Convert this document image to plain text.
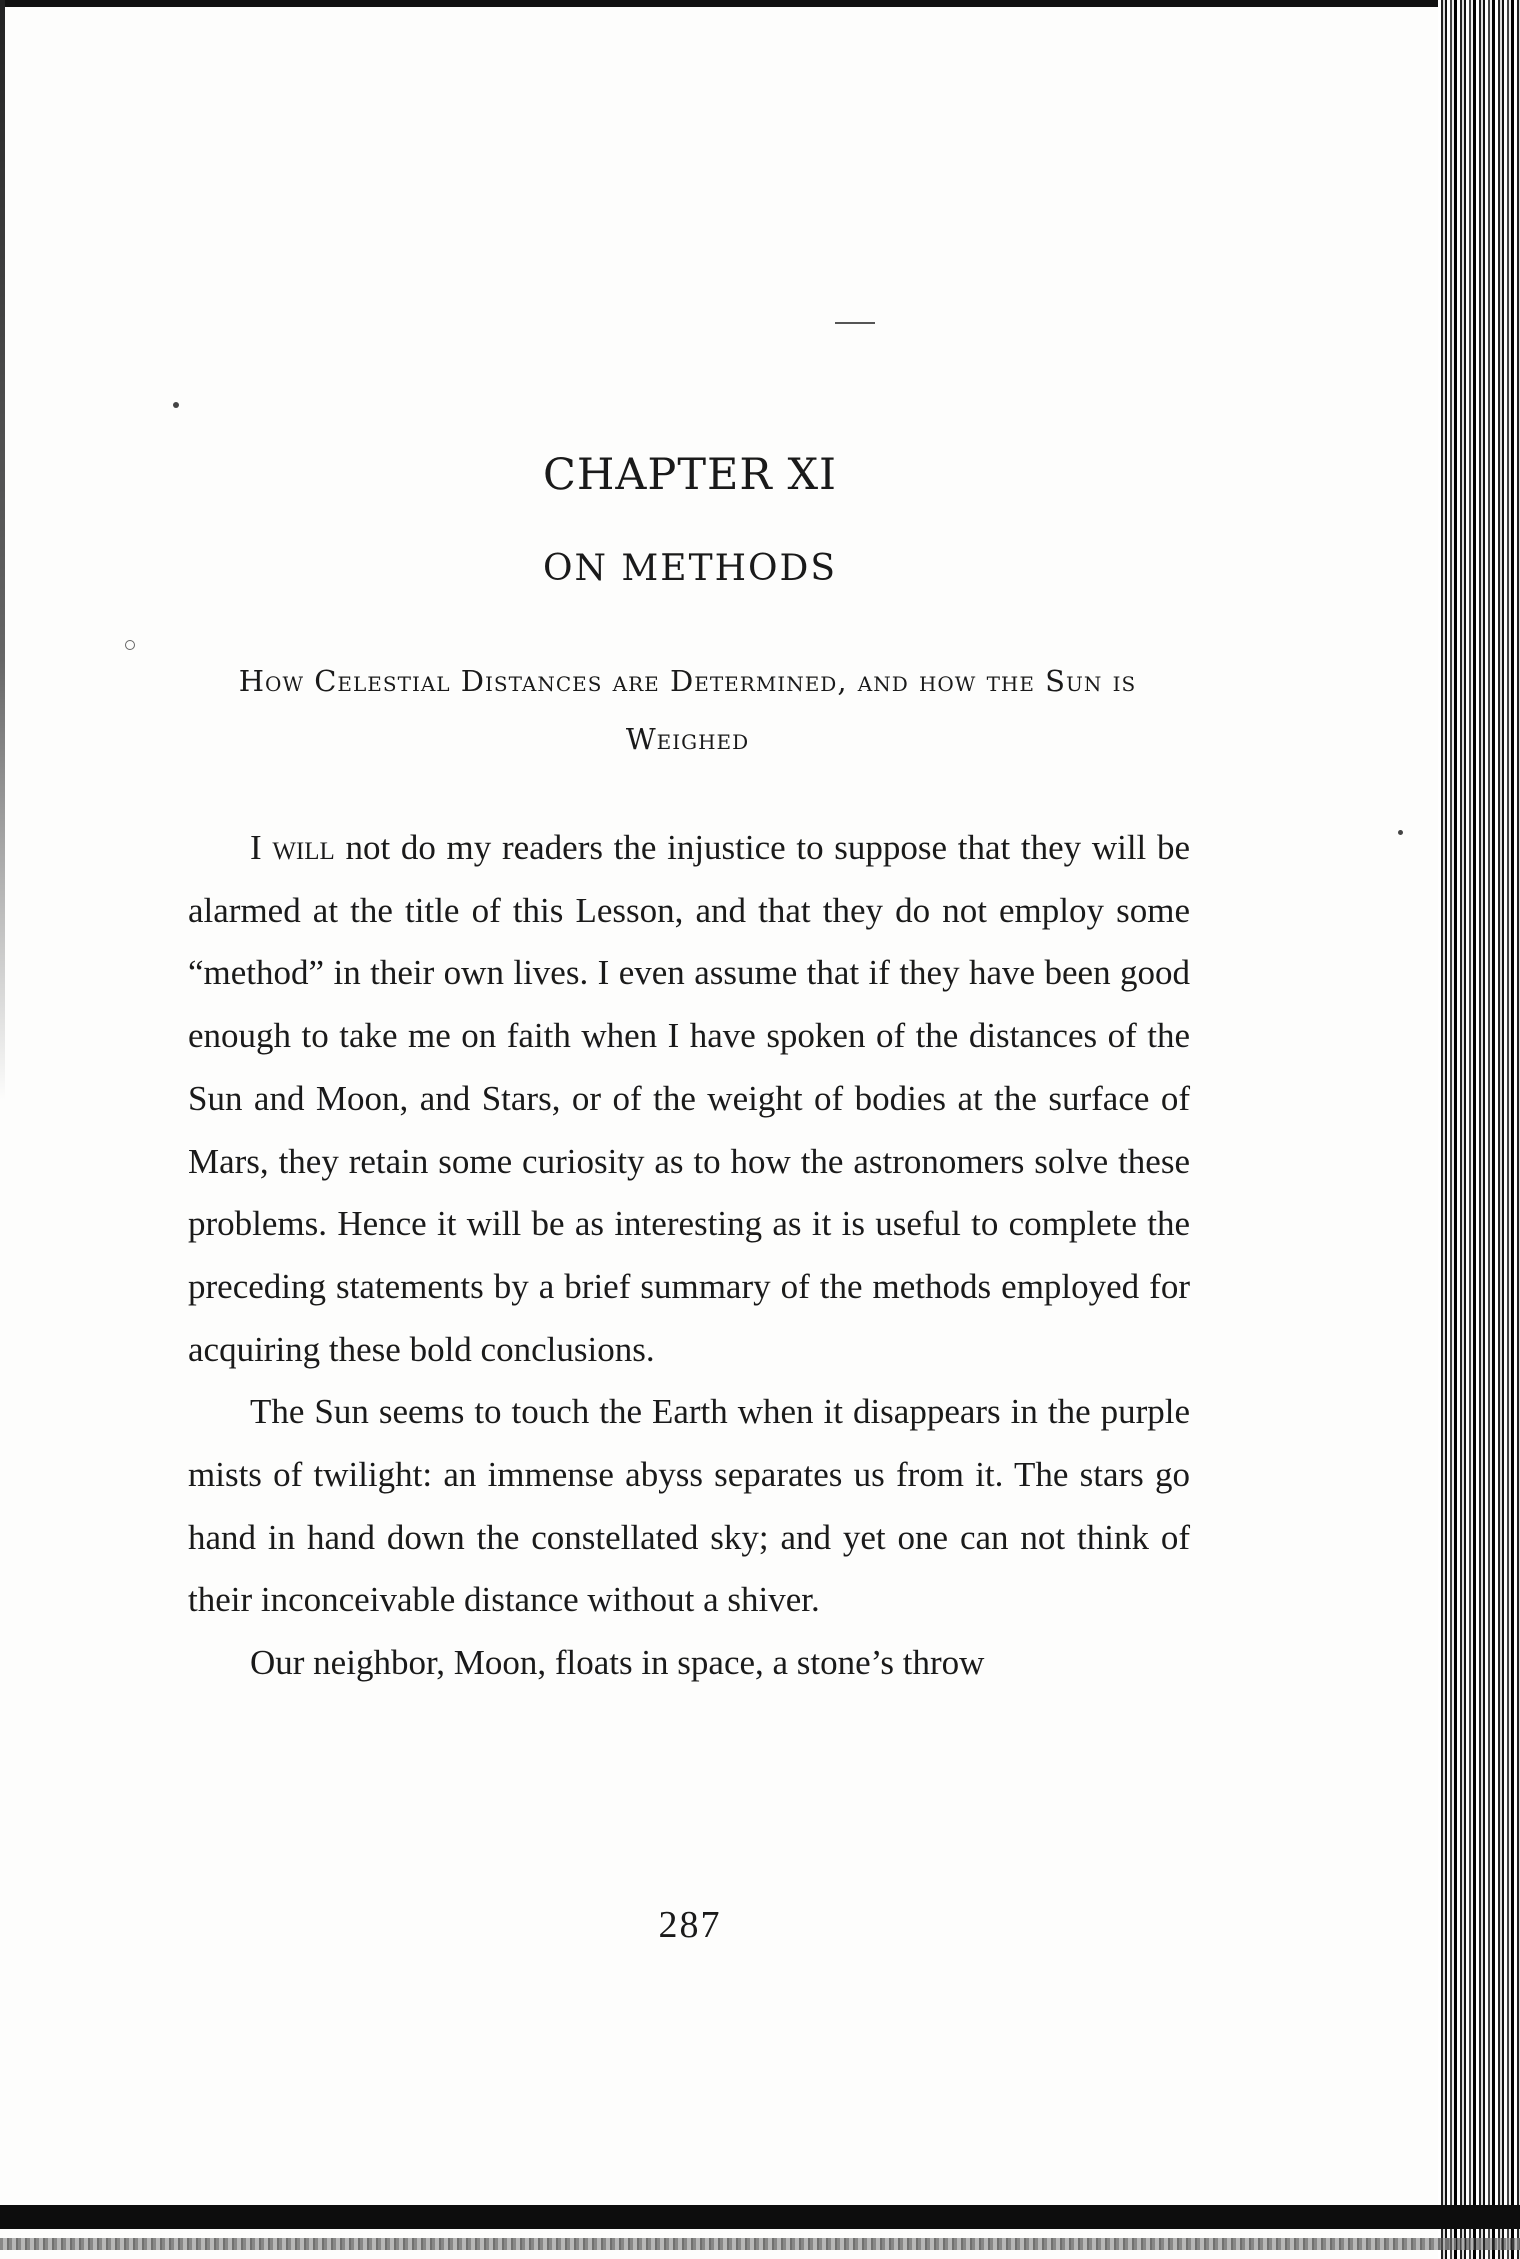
CHAPTER XI
ON METHODS
How Celestial Distances are Determined, and how the Sun is Weighed

I will not do my readers the injustice to suppose that they will be alarmed at the title of this Lesson, and that they do not employ some “method” in their own lives. I even assume that if they have been good enough to take me on faith when I have spoken of the distances of the Sun and Moon, and Stars, or of the weight of bodies at the surface of Mars, they retain some curiosity as to how the astronomers solve these problems. Hence it will be as interesting as it is useful to complete the preceding statements by a brief summary of the methods employed for acquiring these bold conclusions.

The Sun seems to touch the Earth when it disappears in the purple mists of twilight: an immense abyss separates us from it. The stars go hand in hand down the constellated sky; and yet one can not think of their inconceivable distance without a shiver.

Our neighbor, Moon, floats in space, a stone’s throw

287
